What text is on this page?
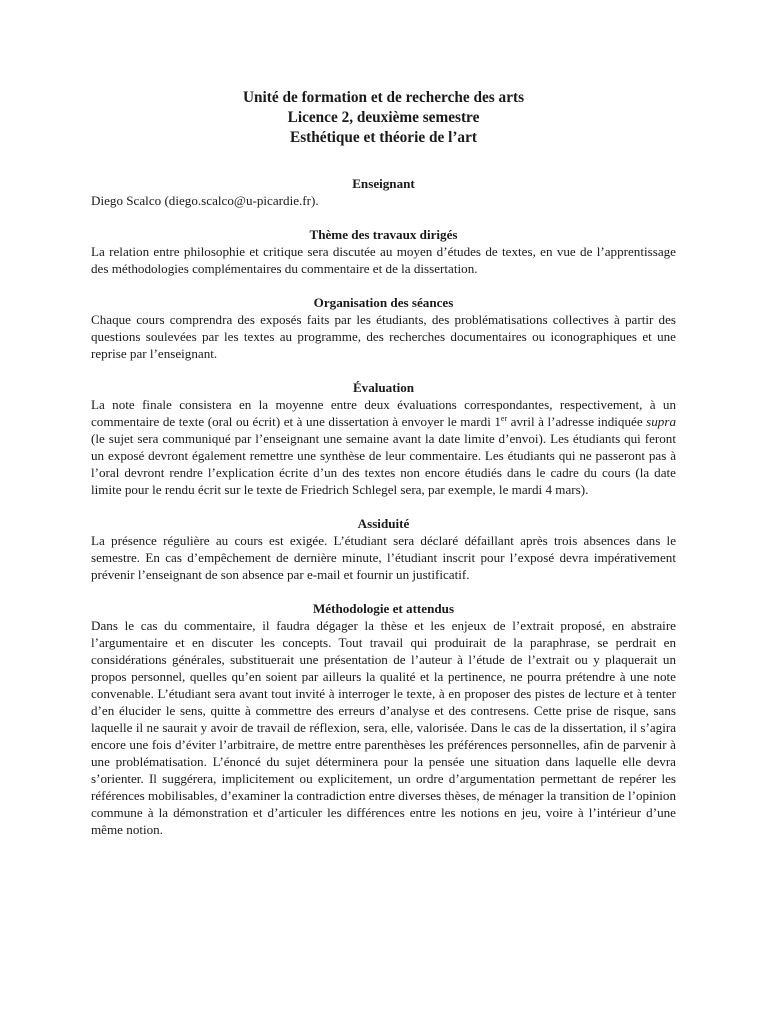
Unité de formation et de recherche des arts
Licence 2, deuxième semestre
Esthétique et théorie de l’art
Enseignant

Diego Scalco (diego.scalco@u-picardie.fr).

Thème des travaux dirigés

La relation entre philosophie et critique sera discutée au moyen d’études de textes, en vue de l’apprentissage des méthodologies complémentaires du commentaire et de la dissertation.

Organisation des séances

Chaque cours comprendra des exposés faits par les étudiants, des problématisations collectives à partir des questions soulevées par les textes au programme, des recherches documentaires ou iconographiques et une reprise par l’enseignant.

Évaluation

La note finale consistera en la moyenne entre deux évaluations correspondantes, respectivement, à un commentaire de texte (oral ou écrit) et à une dissertation à envoyer le mardi 1er avril à l’adresse indiquée supra (le sujet sera communiqué par l’enseignant une semaine avant la date limite d’envoi). Les étudiants qui feront un exposé devront également remettre une synthèse de leur commentaire. Les étudiants qui ne passeront pas à l’oral devront rendre l’explication écrite d’un des textes non encore étudiés dans le cadre du cours (la date limite pour le rendu écrit sur le texte de Friedrich Schlegel sera, par exemple, le mardi 4 mars).

Assiduité

La présence régulière au cours est exigée. L’étudiant sera déclaré défaillant après trois absences dans le semestre. En cas d’empêchement de dernière minute, l’étudiant inscrit pour l’exposé devra impérativement prévenir l’enseignant de son absence par e-mail et fournir un justificatif.

Méthodologie et attendus

Dans le cas du commentaire, il faudra dégager la thèse et les enjeux de l’extrait proposé, en abstraire l’argumentaire et en discuter les concepts. Tout travail qui produirait de la paraphrase, se perdrait en considérations générales, substituerait une présentation de l’auteur à l’étude de l’extrait ou y plaquerait un propos personnel, quelles qu’en soient par ailleurs la qualité et la pertinence, ne pourra prétendre à une note convenable. L’étudiant sera avant tout invité à interroger le texte, à en proposer des pistes de lecture et à tenter d’en élucider le sens, quitte à commettre des erreurs d’analyse et des contresens. Cette prise de risque, sans laquelle il ne saurait y avoir de travail de réflexion, sera, elle, valorisée. Dans le cas de la dissertation, il s’agira encore une fois d’éviter l’arbitraire, de mettre entre parenthèses les préférences personnelles, afin de parvenir à une problématisation. L’énoncé du sujet déterminera pour la pensée une situation dans laquelle elle devra s’orienter. Il suggérera, implicitement ou explicitement, un ordre d’argumentation permettant de repérer les références mobilisables, d’examiner la contradiction entre diverses thèses, de ménager la transition de l’opinion commune à la démonstration et d’articuler les différences entre les notions en jeu, voire à l’intérieur d’une même notion.
